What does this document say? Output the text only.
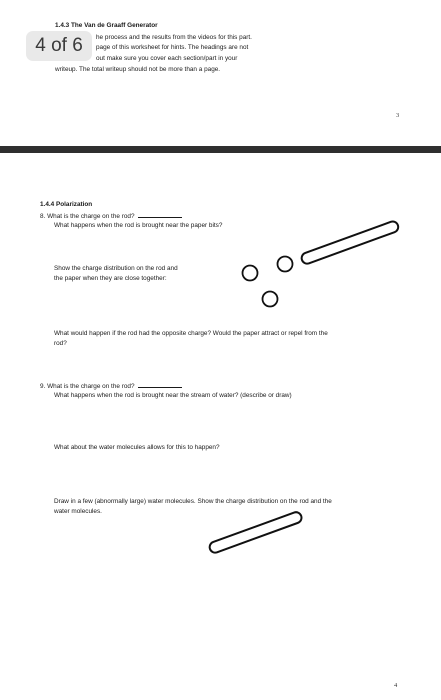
1.4.3 The Van de Graaff Generator
he process and the results from the videos for this part.
page of this worksheet for hints. The headings are not
out make sure you cover each section/part in your
writeup. The total writeup should not be more than a page.
3
4 of 6
1.4.4 Polarization
8. What is the charge on the rod?
What happens when the rod is brought near the paper bits?
Show the charge distribution on the rod and
the paper when they are close together:
What would happen if the rod had the opposite charge? Would the paper attract or repel from the
rod?
9. What is the charge on the rod?
What happens when the rod is brought near the stream of water? (describe or draw)
What about the water molecules allows for this to happen?
Draw in a few (abnormally large) water molecules. Show the charge distribution on the rod and the
water molecules.
4
